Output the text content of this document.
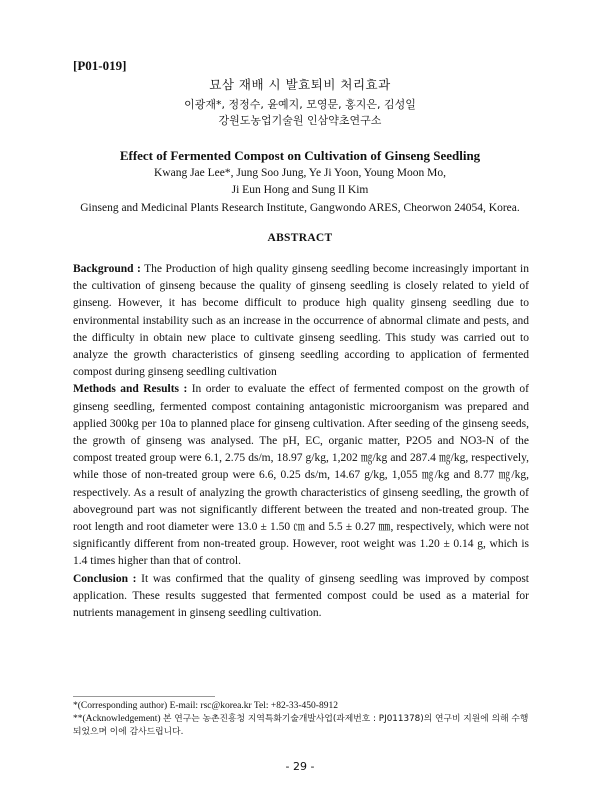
[P01-019]
묘삼 재배 시 발효퇴비 처리효과
이광재*, 정정수, 윤예지, 모영문, 홍지은, 김성일
강원도농업기술원 인삼약초연구소
Effect of Fermented Compost on Cultivation of Ginseng Seedling
Kwang Jae Lee*, Jung Soo Jung, Ye Ji Yoon, Young Moon Mo,
Ji Eun Hong and Sung Il Kim
Ginseng and Medicinal Plants Research Institute, Gangwondo ARES, Cheorwon 24054, Korea.
ABSTRACT

Background : The Production of high quality ginseng seedling become increasingly important in the cultivation of ginseng because the quality of ginseng seedling is closely related to yield of ginseng. However, it has become difficult to produce high quality ginseng seedling due to environmental instability such as an increase in the occurrence of abnormal climate and pests, and the difficulty in obtain new place to cultivate ginseng seedling. This study was carried out to analyze the growth characteristics of ginseng seedling according to application of fermented compost during ginseng seedling cultivation

Methods and Results : In order to evaluate the effect of fermented compost on the growth of ginseng seedling, fermented compost containing antagonistic microorganism was prepared and applied 300kg per 10a to planned place for ginseng cultivation. After seeding of the ginseng seeds, the growth of ginseng was analysed. The pH, EC, organic matter, P2O5 and NO3-N of the compost treated group were 6.1, 2.75 ds/m, 18.97 g/kg, 1,202 ㎎/kg and 287.4 ㎎/kg, respectively, while those of non-treated group were 6.6, 0.25 ds/m, 14.67 g/kg, 1,055 ㎎/kg and 8.77 ㎎/kg, respectively. As a result of analyzing the growth characteristics of ginseng seedling, the growth of aboveground part was not significantly different between the treated and non-treated group. The root length and root diameter were 13.0 ± 1.50 ㎝ and 5.5 ± 0.27 ㎜, respectively, which were not significantly different from non-treated group. However, root weight was 1.20 ± 0.14 g, which is 1.4 times higher than that of control.

Conclusion : It was confirmed that the quality of ginseng seedling was improved by compost application. These results suggested that fermented compost could be used as a material for nutrients management in ginseng seedling cultivation.

*(Corresponding author) E-mail: rsc@korea.kr Tel: +82-33-450-8912
**(Acknowledgement) 본 연구는 농촌진흥청 지역특화기술개발사업(과제번호 : PJ011378)의 연구비 지원에 의해 수행되었으며 이에 감사드립니다.
- 29 -
